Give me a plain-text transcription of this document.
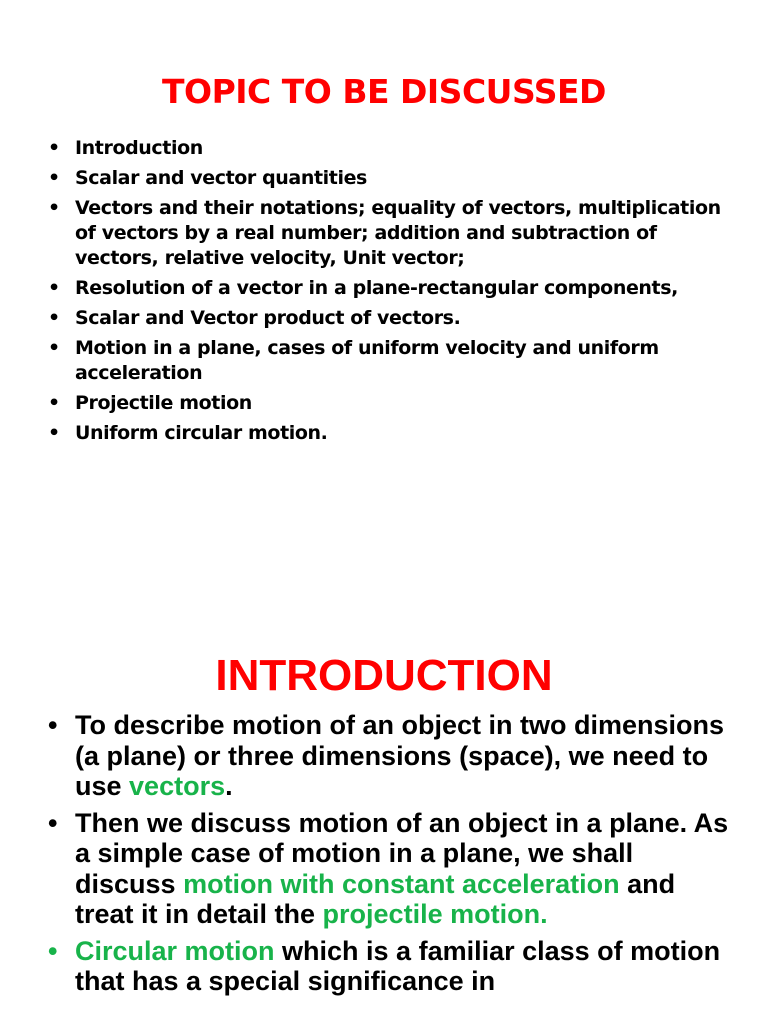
TOPIC TO BE DISCUSSED
• Introduction
• Scalar and vector quantities
• Vectors and their notations; equality of vectors, multiplication of vectors by a real number; addition and subtraction of vectors, relative velocity, Unit vector;
• Resolution of a vector in a plane-rectangular components,
• Scalar and Vector product of vectors.
• Motion in a plane, cases of uniform velocity and uniform acceleration
• Projectile motion
• Uniform circular motion.
INTRODUCTION
• To describe motion of an object in two dimensions (a plane) or three dimensions (space), we need to use vectors.
• Then we discuss motion of an object in a plane. As a simple case of motion in a plane, we shall discuss motion with constant acceleration and treat it in detail the projectile motion.
• Circular motion which is a familiar class of motion that has a special significance in
